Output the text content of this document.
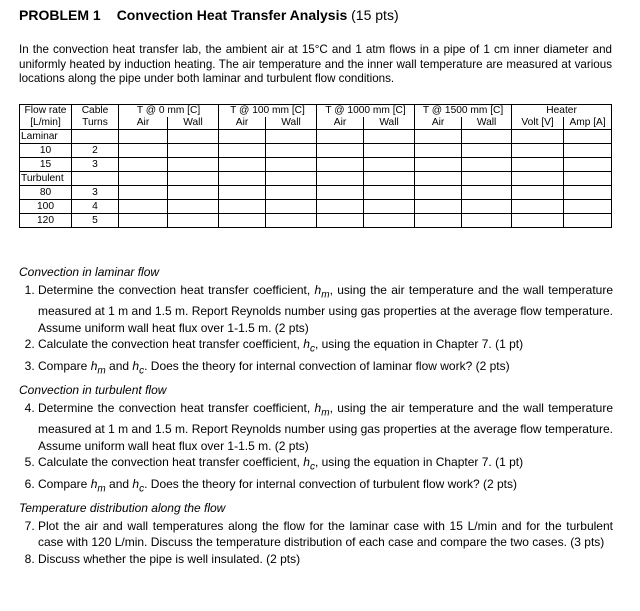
PROBLEM 1 Convection Heat Transfer Analysis (15 pts)
In the convection heat transfer lab, the ambient air at 15°C and 1 atm flows in a pipe of 1 cm inner diameter and uniformly heated by induction heating. The air temperature and the inner wall temperature are measured at various locations along the pipe under both laminar and turbulent flow conditions.
Flow rate	Cable	T @ 0 mm [C]		T @ 100 mm [C]		T @ 1000 mm [C]		T @ 1500 mm [C]		Heater	
[L/min]	Turns	Air	Wall	Air	Wall	Air	Wall	Air	Wall	Volt [V]	Amp [A]
Laminar											
10	2										
15	3										
Turbulent											
80	3										
100	4										
120	5										
Convection in laminar flow
1. Determine the convection heat transfer coefficient, $h_m$, using the air temperature and the wall temperature measured at 1 m and 1.5 m. Report Reynolds number using gas properties at the average flow temperature. Assume uniform wall heat flux over 1-1.5 m. (2 pts)
2. Calculate the convection heat transfer coefficient, $h_c$, using the equation in Chapter 7. (1 pt)
3. Compare $h_m$ and $h_c$. Does the theory for internal convection of laminar flow work? (2 pts)
Convection in turbulent flow
4. Determine the convection heat transfer coefficient, $h_m$, using the air temperature and the wall temperature measured at 1 m and 1.5 m. Report Reynolds number using gas properties at the average flow temperature. Assume uniform wall heat flux over 1-1.5 m. (2 pts)
5. Calculate the convection heat transfer coefficient, $h_c$, using the equation in Chapter 7. (1 pt)
6. Compare $h_m$ and $h_c$. Does the theory for internal convection of turbulent flow work? (2 pts)
Temperature distribution along the flow
7. Plot the air and wall temperatures along the flow for the laminar case with 15 L/min and for the turbulent case with 120 L/min. Discuss the temperature distribution of each case and compare the two cases. (3 pts)
8. Discuss whether the pipe is well insulated. (2 pts)
